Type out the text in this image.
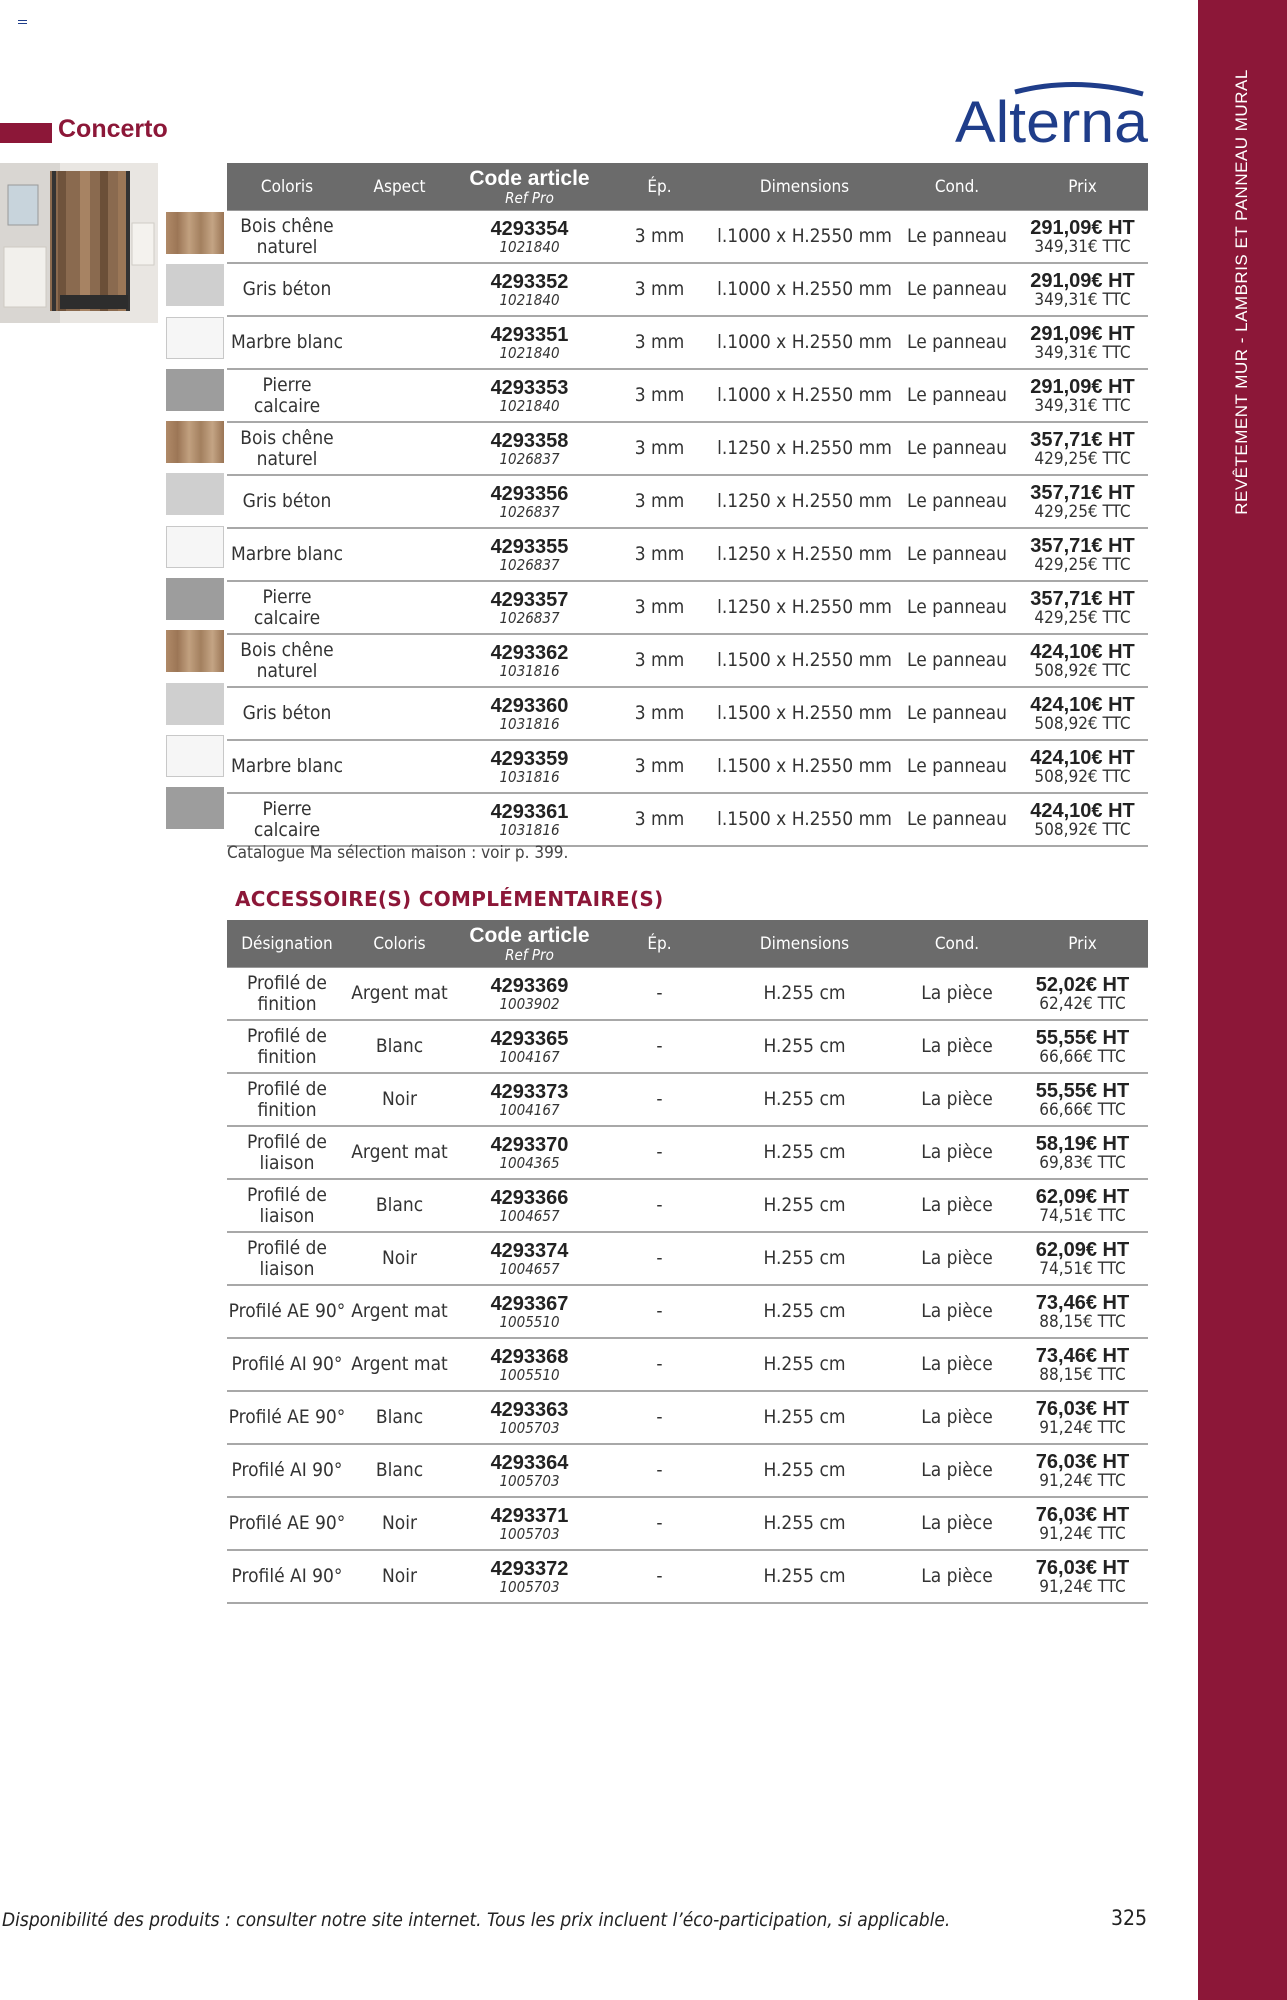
REVÊTEMENT MUR - LAMBRIS ET PANNEAU MURAL
Concerto	Alterna
Coloris	Aspect	Code article
Ref Pro	Ép.	Dimensions	Cond.	Prix
Bois chêne naturel		4293354
1021840	3 mm	l.1000 x H.2550 mm	Le panneau	291,09€ HT
349,31€ TTC

Gris béton		4293352
1021840	3 mm	l.1000 x H.2550 mm	Le panneau	291,09€ HT
349,31€ TTC

Marbre blanc		4293351
1021840	3 mm	l.1000 x H.2550 mm	Le panneau	291,09€ HT
349,31€ TTC

Pierre calcaire		4293353
1021840	3 mm	l.1000 x H.2550 mm	Le panneau	291,09€ HT
349,31€ TTC

Bois chêne naturel		4293358
1026837	3 mm	l.1250 x H.2550 mm	Le panneau	357,71€ HT
429,25€ TTC

Gris béton		4293356
1026837	3 mm	l.1250 x H.2550 mm	Le panneau	357,71€ HT
429,25€ TTC

Marbre blanc		4293355
1026837	3 mm	l.1250 x H.2550 mm	Le panneau	357,71€ HT
429,25€ TTC

Pierre calcaire		4293357
1026837	3 mm	l.1250 x H.2550 mm	Le panneau	357,71€ HT
429,25€ TTC

Bois chêne naturel		4293362
1031816	3 mm	l.1500 x H.2550 mm	Le panneau	424,10€ HT
508,92€ TTC

Gris béton		4293360
1031816	3 mm	l.1500 x H.2550 mm	Le panneau	424,10€ HT
508,92€ TTC

Marbre blanc		4293359
1031816	3 mm	l.1500 x H.2550 mm	Le panneau	424,10€ HT
508,92€ TTC

Pierre calcaire		4293361
1031816	3 mm	l.1500 x H.2550 mm	Le panneau	424,10€ HT
508,92€ TTC
Catalogue Ma sélection maison : voir p. 399.
ACCESSOIRE(S) COMPLÉMENTAIRE(S)
Désignation	Coloris	Code article
Ref Pro	Ép.	Dimensions	Cond.	Prix
Profilé de finition	Argent mat	4293369
1003902	-	H.255 cm	La pièce	52,02€ HT
62,42€ TTC

Profilé de finition	Blanc	4293365
1004167	-	H.255 cm	La pièce	55,55€ HT
66,66€ TTC

Profilé de finition	Noir	4293373
1004167	-	H.255 cm	La pièce	55,55€ HT
66,66€ TTC

Profilé de liaison	Argent mat	4293370
1004365	-	H.255 cm	La pièce	58,19€ HT
69,83€ TTC

Profilé de liaison	Blanc	4293366
1004657	-	H.255 cm	La pièce	62,09€ HT
74,51€ TTC

Profilé de liaison	Noir	4293374
1004657	-	H.255 cm	La pièce	62,09€ HT
74,51€ TTC

Profilé AE 90°	Argent mat	4293367
1005510	-	H.255 cm	La pièce	73,46€ HT
88,15€ TTC

Profilé AI 90°	Argent mat	4293368
1005510	-	H.255 cm	La pièce	73,46€ HT
88,15€ TTC

Profilé AE 90°	Blanc	4293363
1005703	-	H.255 cm	La pièce	76,03€ HT
91,24€ TTC

Profilé AI 90°	Blanc	4293364
1005703	-	H.255 cm	La pièce	76,03€ HT
91,24€ TTC

Profilé AE 90°	Noir	4293371
1005703	-	H.255 cm	La pièce	76,03€ HT
91,24€ TTC

Profilé AI 90°	Noir	4293372
1005703	-	H.255 cm	La pièce	76,03€ HT
91,24€ TTC
Disponibilité des produits : consulter notre site internet. Tous les prix incluent l’éco-participation, si applicable.	325
